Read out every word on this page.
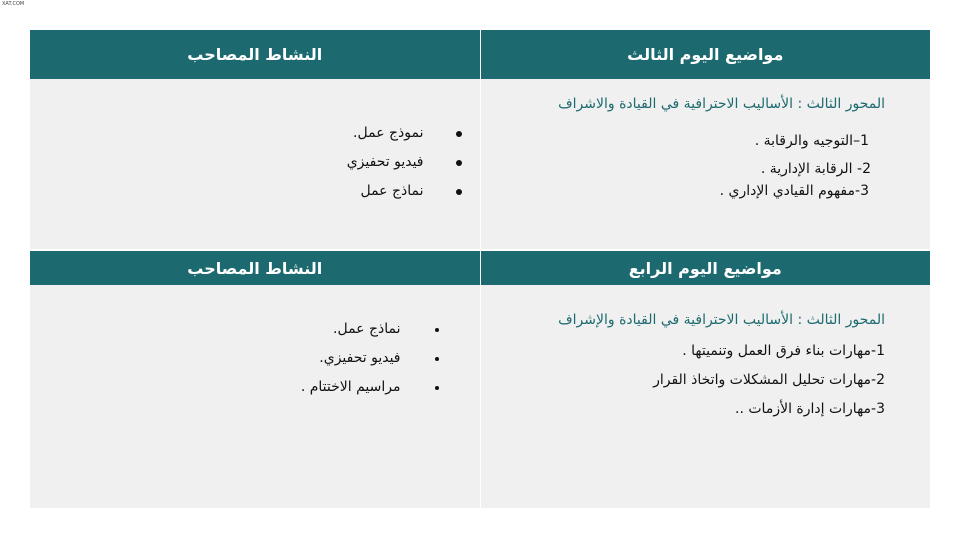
XAT.COM
مواضيع اليوم الثالث
النشاط المصاحب
المحور الثالث : الأساليب الاحترافية في القيادة والاشراف
1–التوجيه والرقابة .
2- الرقابة الإدارية .
3-مفهوم القيادي الإداري .
نموذج عمل.
فيديو تحفيزي
نماذج عمل
مواضيع اليوم الرابع
النشاط المصاحب
المحور الثالث : الأساليب الاحترافية في القيادة والإشراف
1-مهارات بناء فرق العمل وتنميتها .
2-مهارات تحليل المشكلات واتخاذ القرار
3-مهارات إدارة الأزمات ..
نماذج عمل.
فيديو تحفيزي.
مراسيم الاختتام .
